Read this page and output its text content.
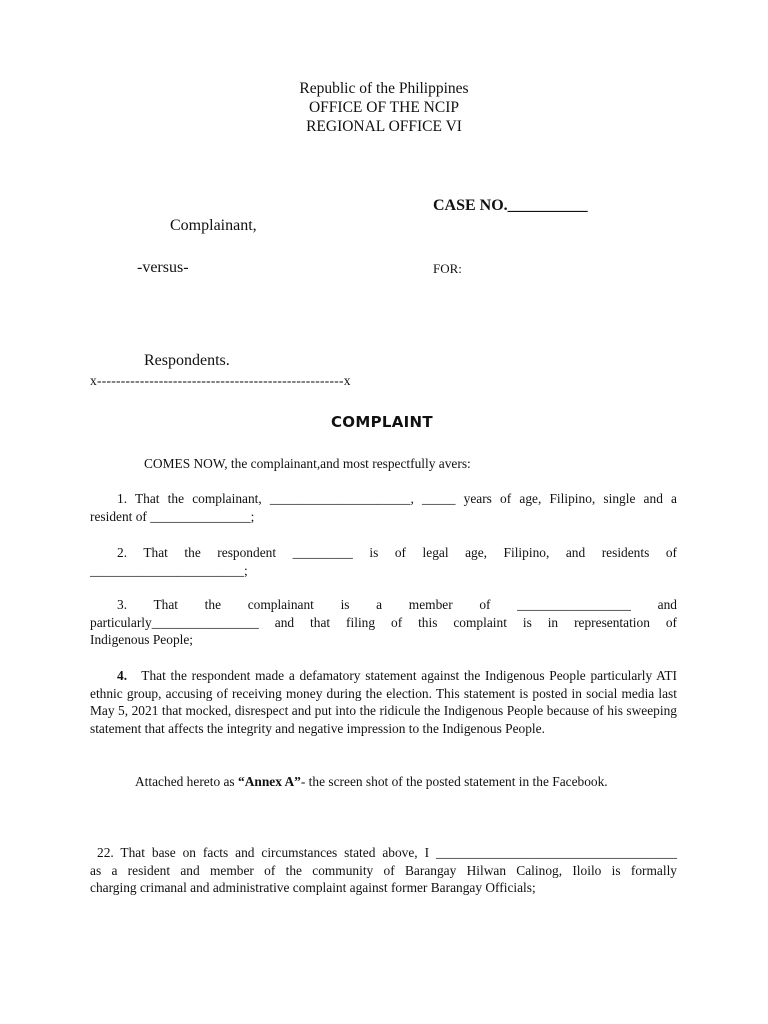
Republic of the Philippines
OFFICE OF THE NCIP
REGIONAL OFFICE VI
CASE NO.__________
Complainant,
-versus-	FOR:
Respondents.
x----------------------------------------------------x
COMPLAINT
COMES NOW, the complainant,and most respectfully avers:
1. That the complainant, _____________________, _____ years of age, Filipino, single and a
resident of _______________;
2. That the respondent _________ is of legal age, Filipino, and residents of
_______________________;
3. That the complainant is a member of _________________ and
particularly________________ and that filing of this complaint is in representation of
Indigenous People;
4. That the respondent made a defamatory statement against the Indigenous People particularly ATI ethnic group, accusing of receiving money during the election. This statement is posted in social media last May 5, 2021 that mocked, disrespect and put into the ridicule the Indigenous People because of his sweeping statement that affects the integrity and negative impression to the Indigenous People.
Attached hereto as “Annex A”- the screen shot of the posted statement in the Facebook.
22. That base on facts and circumstances stated above, I ____________________________________
as a resident and member of the community of Barangay Hilwan Calinog, Iloilo is formally
charging crimanal and administrative complaint against former Barangay Officials;
